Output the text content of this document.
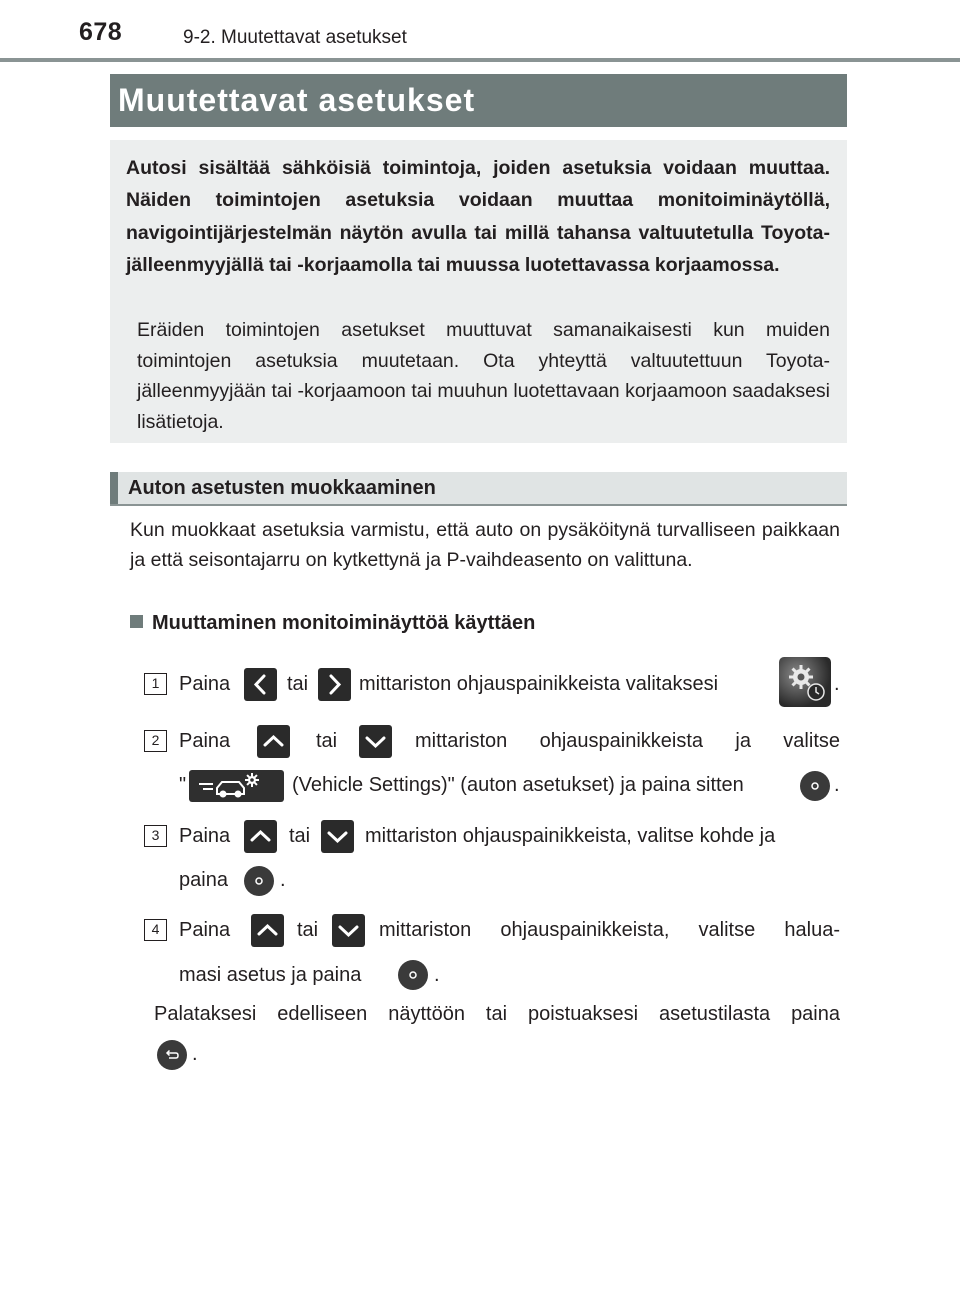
678	9-2. Muutettavat asetukset
Muutettavat asetukset
Autosi sisältää sähköisiä toimintoja, joiden asetuksia voidaan muuttaa. Näiden toimintojen asetuksia voidaan muuttaa monitoiminäytöllä, navigointijärjestelmän näytön avulla tai millä tahansa valtuutetulla Toyota-jälleenmyyjällä tai -korjaamolla tai muussa luotettavassa korjaamossa.
Eräiden toimintojen asetukset muuttuvat samanaikaisesti kun muiden toimintojen asetuksia muutetaan. Ota yhteyttä valtuutettuun Toyota-jälleenmyyjään tai -korjaamoon tai muuhun luotettavaan korjaamoon saadaksesi lisätietoja.
Auton asetusten muokkaaminen
Kun muokkaat asetuksia varmistu, että auto on pysäköitynä turvalliseen paikkaan ja että seisontajarru on kytkettynä ja P-vaihdeasento on valittuna.
Muuttaminen monitoiminäyttöä käyttäen
1 Paina	tai	mittariston ohjauspainikkeista valitaksesi	.
2 Paina	tai	mittariston ohjauspainikkeista ja valitse
"	(Vehicle Settings)" (auton asetukset) ja paina sitten	.
3 Paina	tai	mittariston ohjauspainikkeista, valitse kohde ja
paina	.
4 Paina	tai	mittariston ohjauspainikkeista, valitse halua-
masi asetus ja paina	.
Palataksesi edelliseen näyttöön tai poistuaksesi asetustilasta paina
.
